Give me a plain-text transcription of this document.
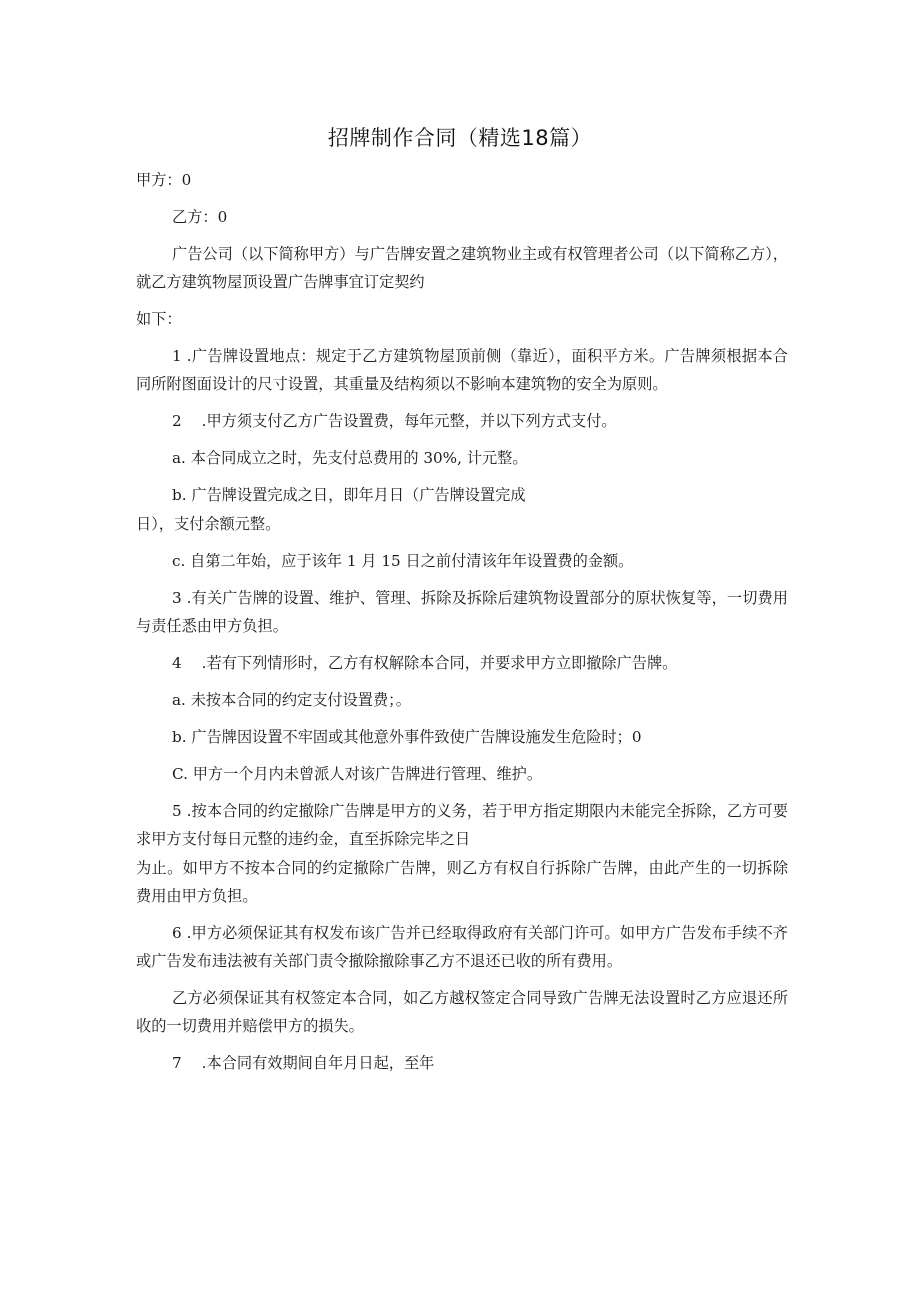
招牌制作合同（精选18篇）

甲方：0

乙方：0

广告公司（以下简称甲方）与广告牌安置之建筑物业主或有权管理者公司（以下简称乙方），就乙方建筑物屋顶设置广告牌事宜订定契约

如下：

1 .广告牌设置地点：规定于乙方建筑物屋顶前侧（靠近），面积平方米。广告牌须根据本合同所附图面设计的尺寸设置，其重量及结构须以不影响本建筑物的安全为原则。

2　 .甲方须支付乙方广告设置费，每年元整，并以下列方式支付。

a. 本合同成立之时，先支付总费用的 30%, 计元整。

b. 广告牌设置完成之日，即年月日（广告牌设置完成

日），支付余额元整。

c. 自第二年始，应于该年 1 月 15 日之前付清该年年设置费的金额。

3 .有关广告牌的设置、维护、管理、拆除及拆除后建筑物设置部分的原状恢复等，一切费用与责任悉由甲方负担。

4　 .若有下列情形时，乙方有权解除本合同，并要求甲方立即撤除广告牌。

a. 未按本合同的约定支付设置费；。

b. 广告牌因设置不牢固或其他意外事件致使广告牌设施发生危险时；0

C. 甲方一个月内未曾派人对该广告牌进行管理、维护。

5 .按本合同的约定撤除广告牌是甲方的义务，若于甲方指定期限内未能完全拆除，乙方可要求甲方支付每日元整的违约金，直至拆除完毕之日

为止。如甲方不按本合同的约定撤除广告牌，则乙方有权自行拆除广告牌，由此产生的一切拆除费用由甲方负担。

6 .甲方必须保证其有权发布该广告并已经取得政府有关部门许可。如甲方广告发布手续不齐或广告发布违法被有关部门责令撤除撤除事乙方不退还已收的所有费用。

乙方必须保证其有权签定本合同，如乙方越权签定合同导致广告牌无法设置时乙方应退还所收的一切费用并赔偿甲方的损失。

7　 .本合同有效期间自年月日起，至年
